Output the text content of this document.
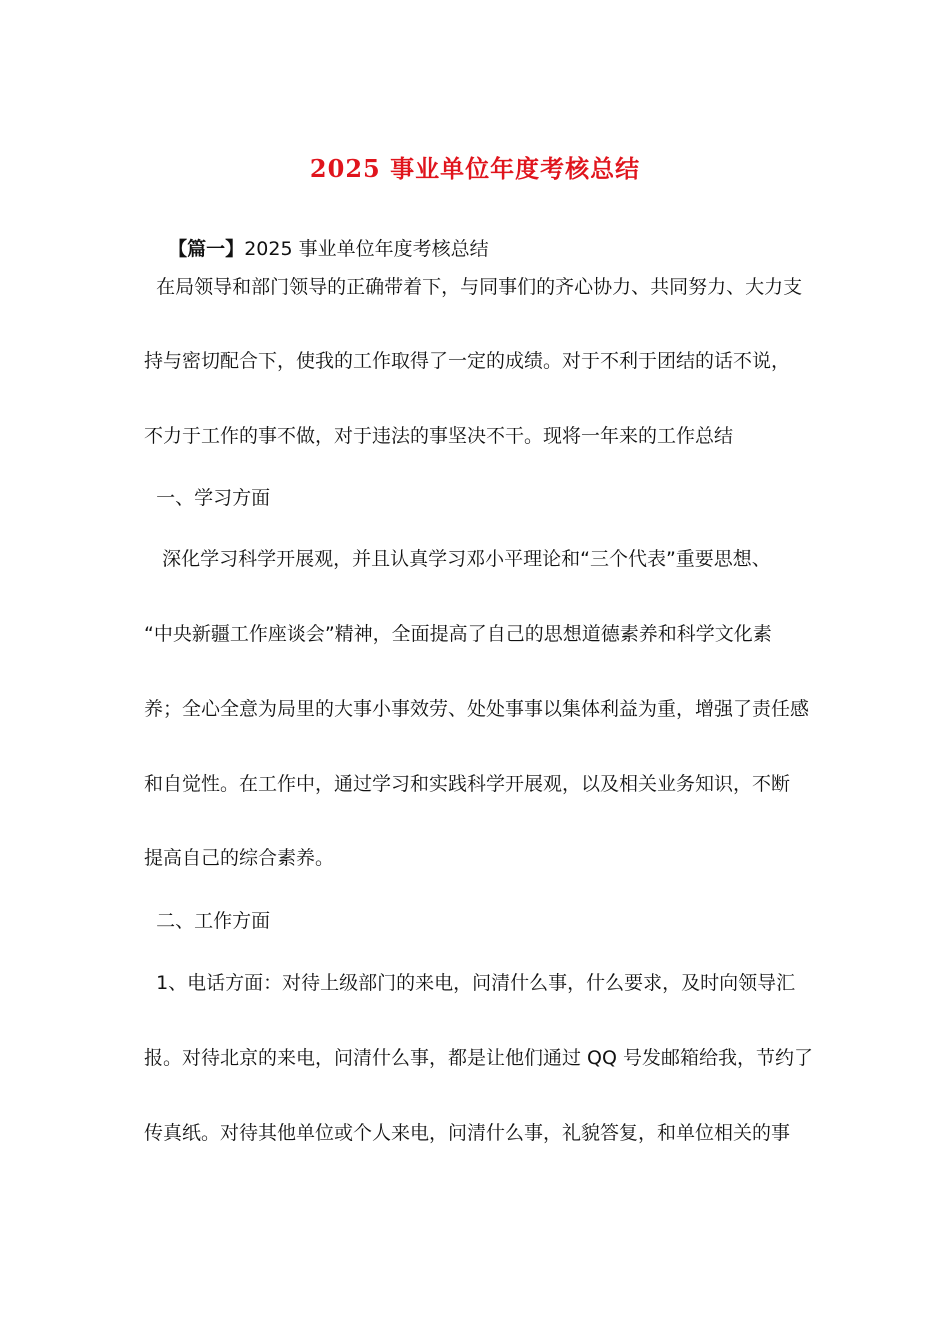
2025 事业单位年度考核总结

【篇一】2025 事业单位年度考核总结

在局领导和部门领导的正确带着下，与同事们的齐心协力、共同努力、大力支
持与密切配合下，使我的工作取得了一定的成绩。对于不利于团结的话不说，
不力于工作的事不做，对于违法的事坚决不干。现将一年来的工作总结
一、学习方面
深化学习科学开展观，并且认真学习邓小平理论和“三个代表”重要思想、
“中央新疆工作座谈会”精神，全面提高了自己的思想道德素养和科学文化素
养；全心全意为局里的大事小事效劳、处处事事以集体利益为重，增强了责任感
和自觉性。在工作中，通过学习和实践科学开展观，以及相关业务知识，不断
提高自己的综合素养。
二、工作方面
1、电话方面：对待上级部门的来电，问清什么事，什么要求，及时向领导汇
报。对待北京的来电，问清什么事，都是让他们通过 QQ 号发邮箱给我，节约了
传真纸。对待其他单位或个人来电，问清什么事，礼貌答复，和单位相关的事
